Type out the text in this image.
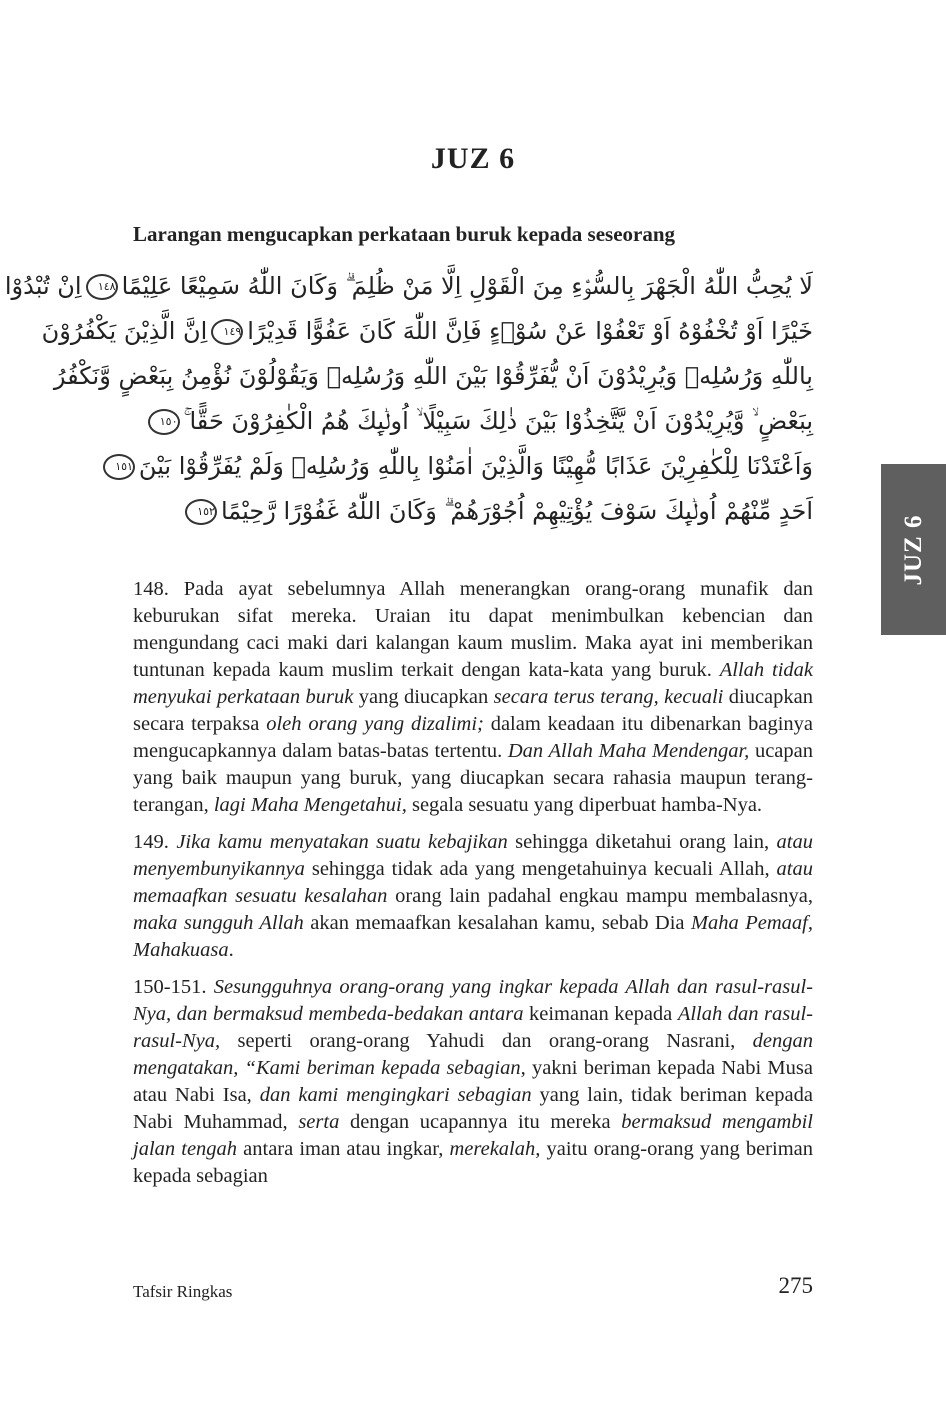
JUZ 6
Larangan mengucapkan perkataan buruk kepada seseorang
لَا يُحِبُّ اللّٰهُ الْجَهْرَ بِالسُّوْۤءِ مِنَ الْقَوْلِ اِلَّا مَنْ ظُلِمَ ۗ وَكَانَ اللّٰهُ سَمِيْعًا عَلِيْمًا١٤٨اِنْ تُبْدُوْا
خَيْرًا اَوْ تُخْفُوْهُ اَوْ تَعْفُوْا عَنْ سُوْۤءٍ فَاِنَّ اللّٰهَ كَانَ عَفُوًّا قَدِيْرًا١٤٩اِنَّ الَّذِيْنَ يَكْفُرُوْنَ
بِاللّٰهِ وَرُسُلِهٖ وَيُرِيْدُوْنَ اَنْ يُّفَرِّقُوْا بَيْنَ اللّٰهِ وَرُسُلِهٖ وَيَقُوْلُوْنَ نُؤْمِنُ بِبَعْضٍ وَّنَكْفُرُ
بِبَعْضٍ ۙ وَّيُرِيْدُوْنَ اَنْ يَّتَّخِذُوْا بَيْنَ ذٰلِكَ سَبِيْلًا ۙ اُولٰۤىِٕكَ هُمُ الْكٰفِرُوْنَ حَقًّا ۚ١٥٠
وَاَعْتَدْنَا لِلْكٰفِرِيْنَ عَذَابًا مُّهِيْنًا وَالَّذِيْنَ اٰمَنُوْا بِاللّٰهِ وَرُسُلِهٖ وَلَمْ يُفَرِّقُوْا بَيْنَ١٥١
اَحَدٍ مِّنْهُمْ اُولٰۤىِٕكَ سَوْفَ يُؤْتِيْهِمْ اُجُوْرَهُمْ ۗ وَكَانَ اللّٰهُ غَفُوْرًا رَّحِيْمًا١٥٢

148. Pada ayat sebelumnya Allah menerangkan orang-orang munafik dan keburukan sifat mereka. Uraian itu dapat menimbulkan kebencian dan mengundang caci maki dari kalangan kaum muslim. Maka ayat ini memberikan tuntunan kepada kaum muslim terkait dengan kata-kata yang buruk. Allah tidak menyukai perkataan buruk yang diucapkan secara terus terang, kecuali diucapkan secara terpaksa oleh orang yang dizalimi; dalam keadaan itu dibenarkan baginya mengucapkannya dalam batas-batas tertentu. Dan Allah Maha Mendengar, ucapan yang baik maupun yang buruk, yang diucapkan secara rahasia maupun terang-terangan, lagi Maha Mengetahui, segala sesuatu yang diperbuat hamba-Nya.

149. Jika kamu menyatakan suatu kebajikan sehingga diketahui orang lain, atau menyembunyikannya sehingga tidak ada yang mengetahuinya kecuali Allah, atau memaafkan sesuatu kesalahan orang lain padahal engkau mampu membalasnya, maka sungguh Allah akan memaafkan kesalahan kamu, sebab Dia Maha Pemaaf, Mahakuasa.

150-151. Sesungguhnya orang-orang yang ingkar kepada Allah dan rasul-rasul-Nya, dan bermaksud membeda-bedakan antara keimanan kepada Allah dan rasul-rasul-Nya, seperti orang-orang Yahudi dan orang-orang Nasrani, dengan mengatakan, “Kami beriman kepada sebagian, yakni beriman kepada Nabi Musa atau Nabi Isa, dan kami mengingkari sebagian yang lain, tidak beriman kepada Nabi Muhammad, serta dengan ucapannya itu mereka bermaksud mengambil jalan tengah antara iman atau ingkar, merekalah, yaitu orang-orang yang beriman kepada sebagian

JUZ 6
Tafsir Ringkas	275
